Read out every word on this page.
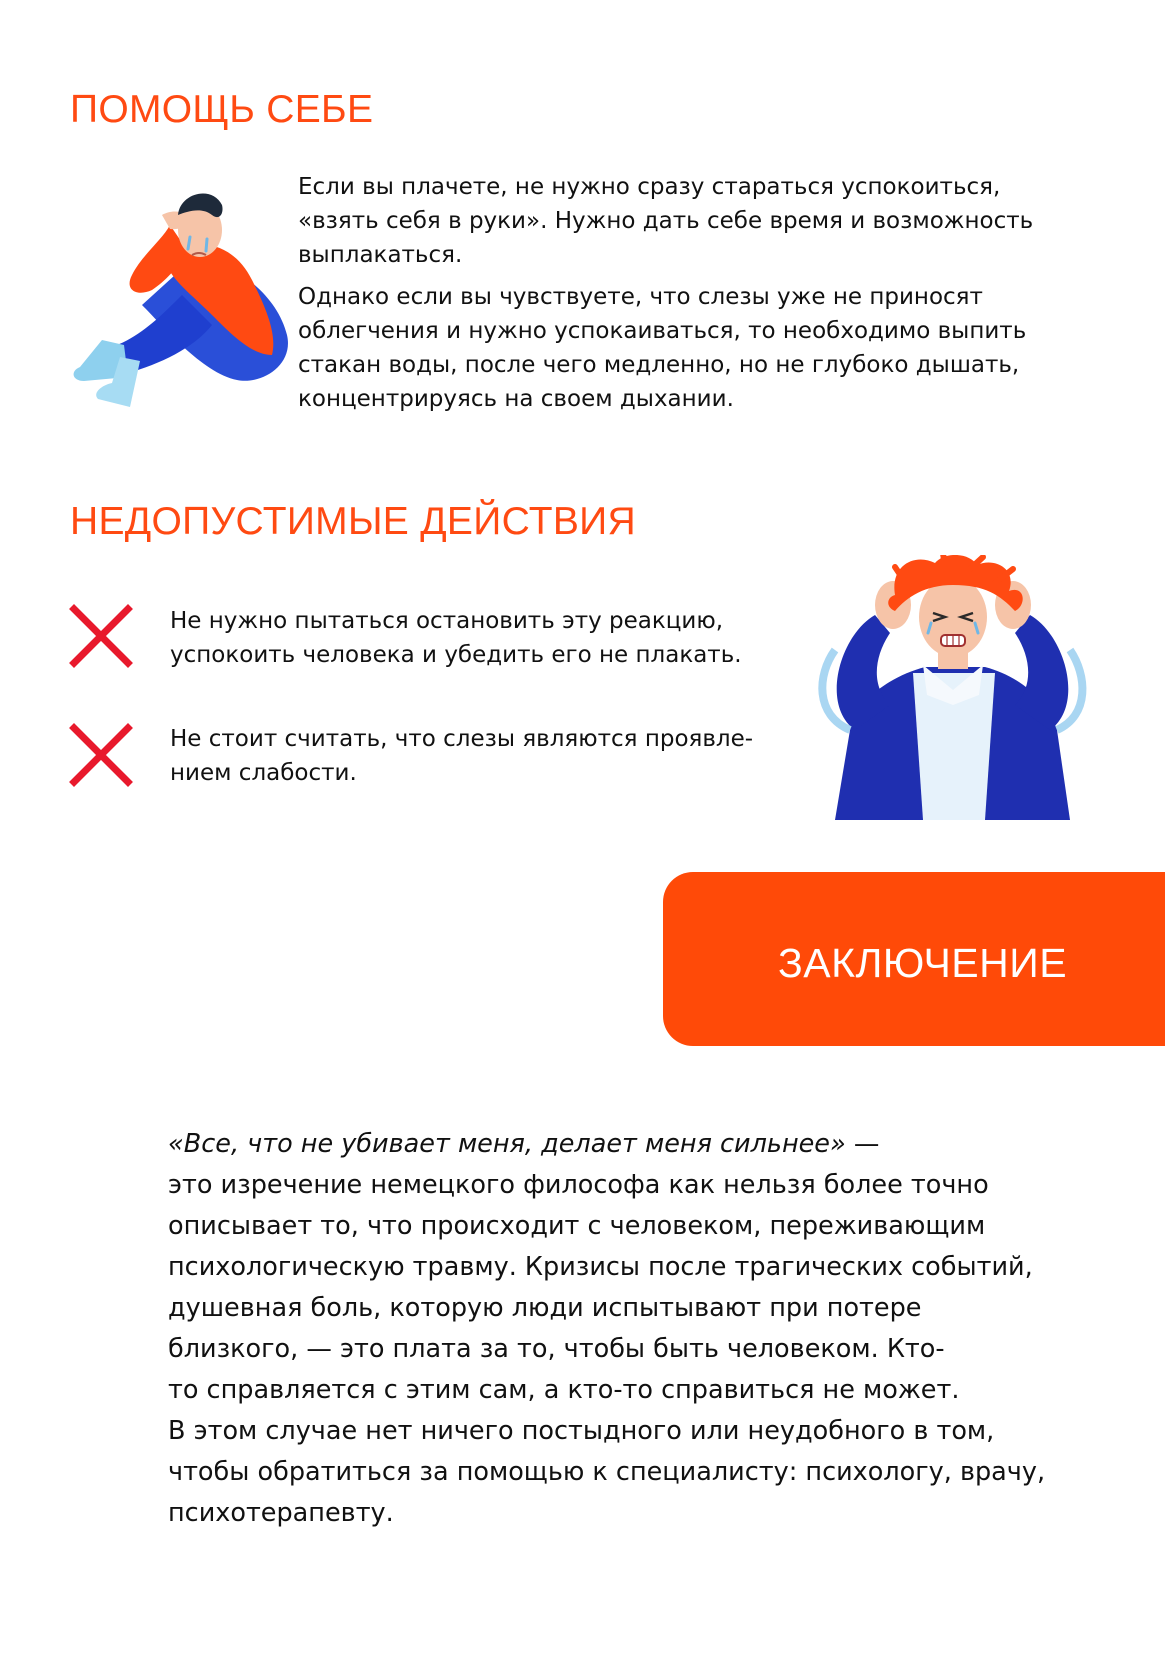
ПОМОЩЬ СЕБЕ
Если вы плачете, не нужно сразу стараться успокоиться,
«взять себя в руки». Нужно дать себе время и возможность
выплакаться.
Однако если вы чувствуете, что слезы уже не приносят
облегчения и нужно успокаиваться, то необходимо выпить
стакан воды, после чего медленно, но не глубоко дышать,
концентрируясь на своем дыхании.
НЕДОПУСТИМЫЕ ДЕЙСТВИЯ
Не нужно пытаться остановить эту реакцию,
успокоить человека и убедить его не плакать.
Не стоит считать, что слезы являются проявле-
нием слабости.
ЗАКЛЮЧЕНИЕ
«Все, что не убивает меня, делает меня сильнее» —
это изречение немецкого философа как нельзя более точно
описывает то, что происходит с человеком, переживающим
психологическую травму. Кризисы после трагических событий,
душевная боль, которую люди испытывают при потере
близкого, — это плата за то, чтобы быть человеком. Кто-
то справляется с этим сам, а кто-то справиться не может.
В этом случае нет ничего постыдного или неудобного в том,
чтобы обратиться за помощью к специалисту: психологу, врачу,
психотерапевту.
